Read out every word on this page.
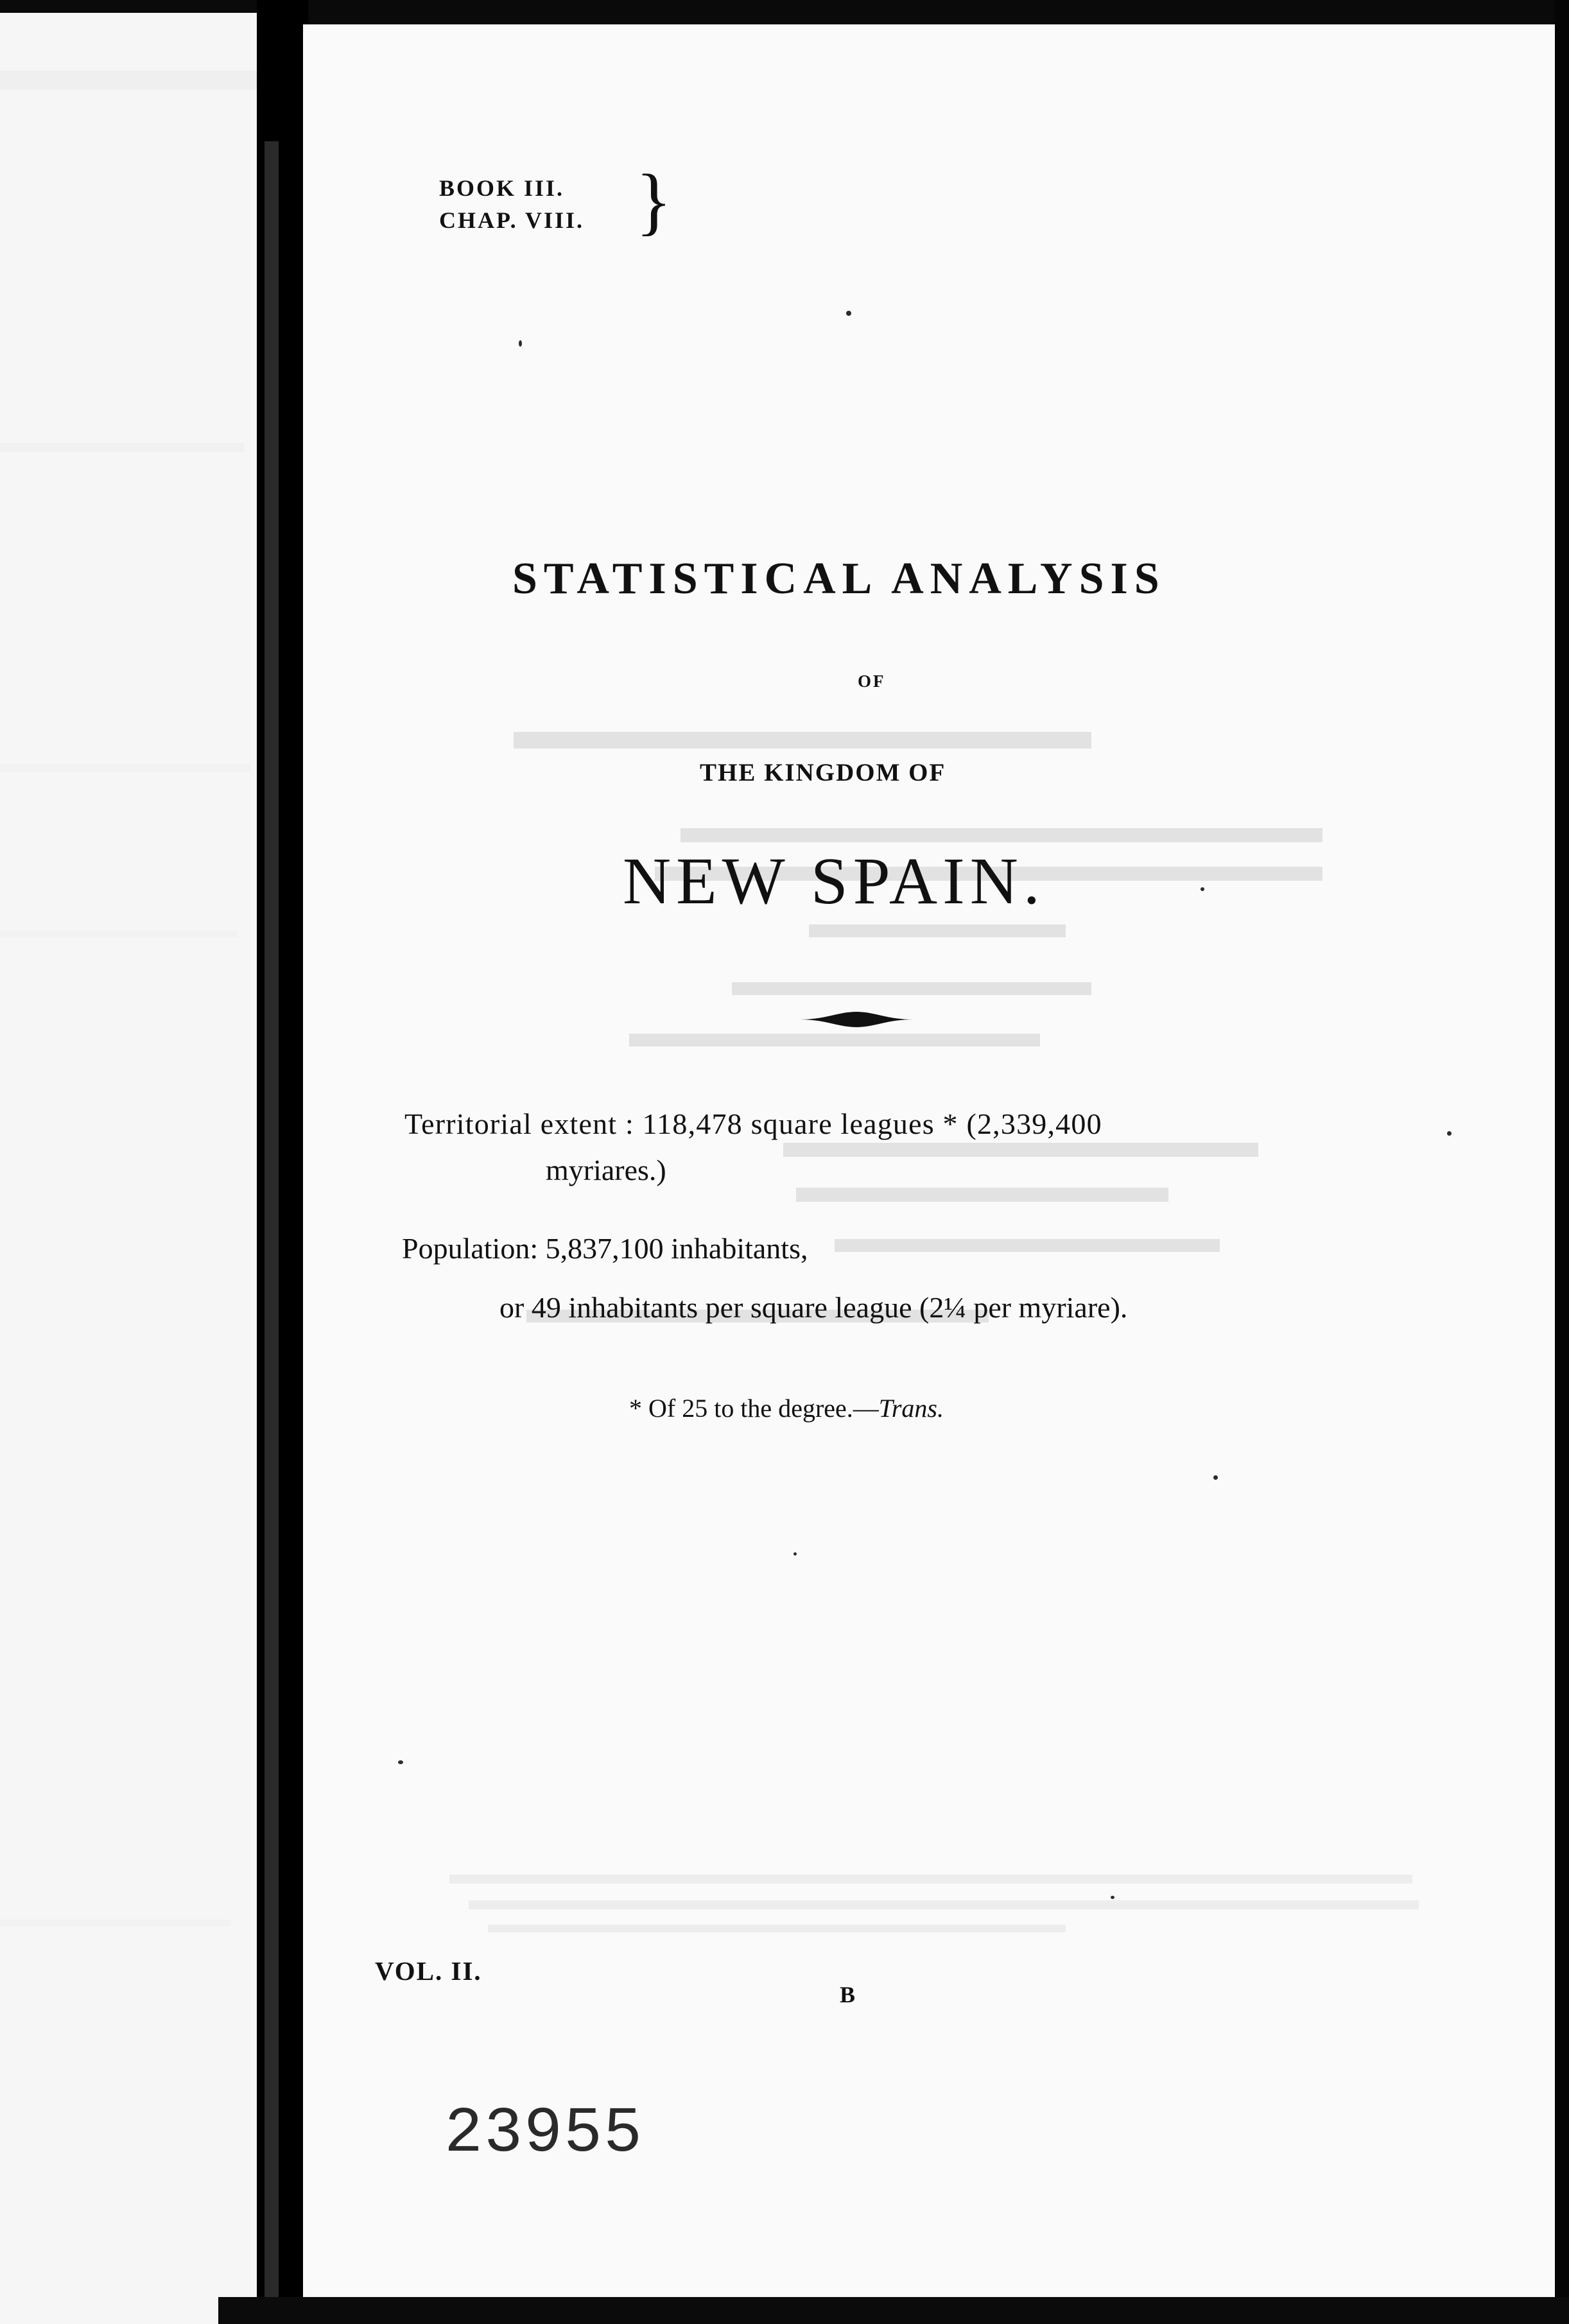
BOOK III.
CHAP. VIII. }
STATISTICAL ANALYSIS
OF
THE KINGDOM OF
NEW SPAIN.
Territorial extent : 118,478 square leagues * (2,339,400
myriares.)
Population: 5,837,100 inhabitants,
or 49 inhabitants per square league (2¼ per myriare).
* Of 25 to the degree.—Trans.
VOL. II.
B
23955
